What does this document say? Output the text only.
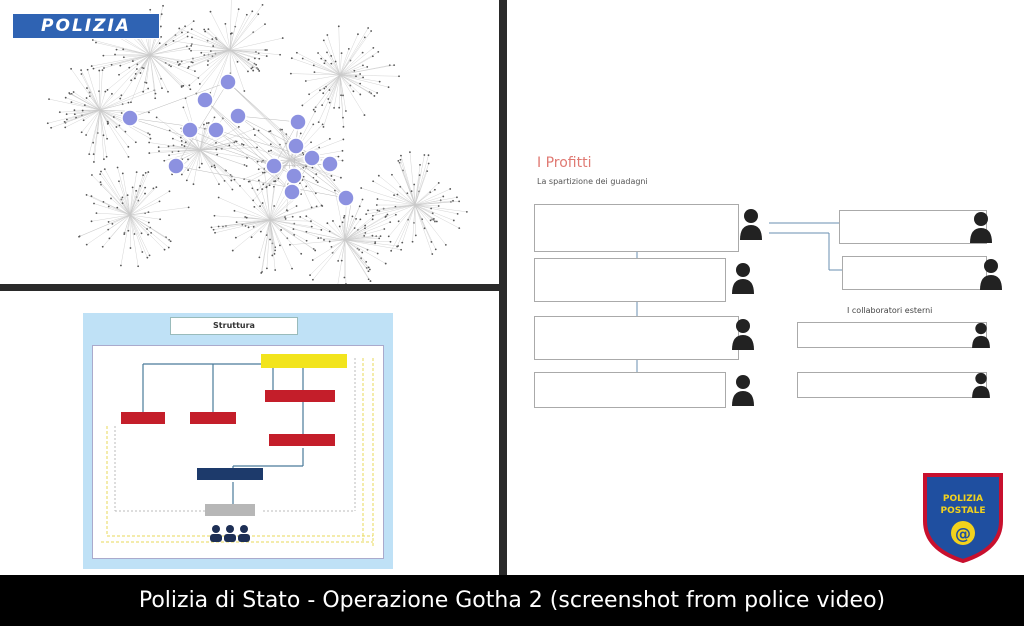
POLIZIA
Struttura
I Profitti
La spartizione dei guadagni

I collaboratori esterni
POLIZIA
POSTALE
@
Polizia di Stato - Operazione Gotha 2 (screenshot from police video)
